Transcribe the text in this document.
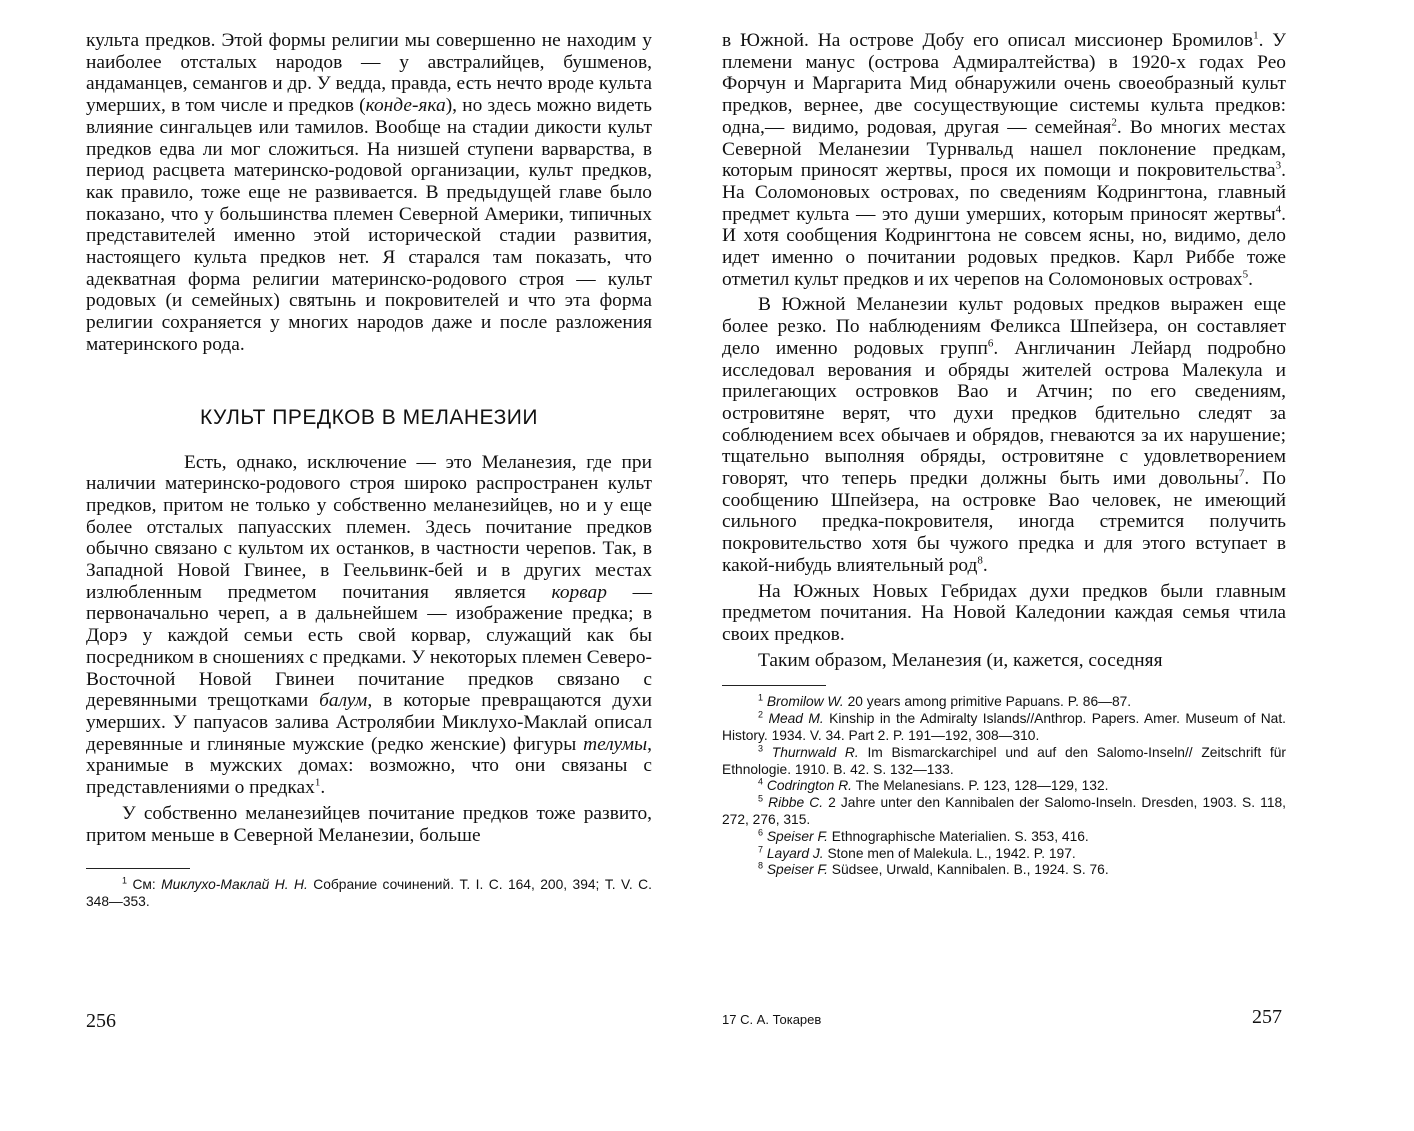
культа предков. Этой формы религии мы совершенно не находим у наиболее отсталых народов — у австралийцев, бушменов, андаманцев, семангов и др. У ведда, правда, есть нечто вроде культа умерших, в том числе и предков (конде-яка), но здесь можно видеть влияние сингальцев или тамилов. Вообще на стадии дикости культ предков едва ли мог сложиться. На низшей ступени варварства, в период расцвета материнско-родовой организации, культ предков, как правило, тоже еще не развивается. В предыдущей главе было показано, что у большинства племен Северной Америки, типичных представителей именно этой исторической стадии развития, настоящего культа предков нет. Я старался там показать, что адекватная форма религии материнско-родового строя — культ родовых (и семейных) святынь и покровителей и что эта форма религии сохраняется у многих народов даже и после разложения материнского рода.

КУЛЬТ ПРЕДКОВ В МЕЛАНЕЗИИ

Есть, однако, исключение — это Меланезия, где при наличии материнско-родового строя широко распространен культ предков, притом не только у собственно меланезийцев, но и у еще более отсталых папуасских племен. Здесь почитание предков обычно связано с культом их останков, в частности черепов. Так, в Западной Новой Гвинее, в Геельвинк-бей и в других местах излюбленным предметом почитания является корвар — первоначально череп, а в дальнейшем — изображение предка; в Дорэ у каждой семьи есть свой корвар, служащий как бы посредником в сношениях с предками. У некоторых племен Северо-Восточной Новой Гвинеи почитание предков связано с деревянными трещотками балум, в которые превращаются духи умерших. У папуасов залива Астролябии Миклухо-Маклай описал деревянные и глиняные мужские (редко женские) фигуры телумы, хранимые в мужских домах: возможно, что они связаны с представлениями о предках$^1$.

У собственно меланезийцев почитание предков тоже развито, притом меньше в Северной Меланезии, больше

$^1$ См: Миклухо-Маклай Н. Н. Собрание сочинений. Т. I. С. 164, 200, 394; Т. V. С. 348—353.

256

в Южной. На острове Добу его описал миссионер Бромилов$^1$. У племени манус (острова Адмиралтейства) в 1920-х годах Рео Форчун и Маргарита Мид обнаружили очень своеобразный культ предков, вернее, две сосуществующие системы культа предков: одна,— видимо, родовая, другая — семейная$^2$. Во многих местах Северной Меланезии Турнвальд нашел поклонение предкам, которым приносят жертвы, прося их помощи и покровительства$^3$. На Соломоновых островах, по сведениям Кодрингтона, главный предмет культа — это души умерших, которым приносят жертвы$^4$. И хотя сообщения Кодрингтона не совсем ясны, но, видимо, дело идет именно о почитании родовых предков. Карл Риббе тоже отметил культ предков и их черепов на Соломоновых островах$^5$.

В Южной Меланезии культ родовых предков выражен еще более резко. По наблюдениям Феликса Шпейзера, он составляет дело именно родовых групп$^6$. Англичанин Лейард подробно исследовал верования и обряды жителей острова Малекула и прилегающих островков Вао и Атчин; по его сведениям, островитяне верят, что духи предков бдительно следят за соблюдением всех обычаев и обрядов, гневаются за их нарушение; тщательно выполняя обряды, островитяне с удовлетворением говорят, что теперь предки должны быть ими довольны$^7$. По сообщению Шпейзера, на островке Вао человек, не имеющий сильного предка-покровителя, иногда стремится получить покровительство хотя бы чужого предка и для этого вступает в какой-нибудь влиятельный род$^8$.

На Южных Новых Гебридах духи предков были главным предметом почитания. На Новой Каледонии каждая семья чтила своих предков.

Таким образом, Меланезия (и, кажется, соседняя

$^1$ Bromilow W. 20 years among primitive Papuans. P. 86—87.

$^2$ Mead M. Kinship in the Admiralty Islands//Anthrop. Papers. Amer. Museum of Nat. History. 1934. V. 34. Part 2. P. 191—192, 308—310.

$^3$ Thurnwald R. Im Bismarckarchipel und auf den Salomo-Inseln// Zeitschrift für Ethnologie. 1910. B. 42. S. 132—133.

$^4$ Codrington R. The Melanesians. P. 123, 128—129, 132.

$^5$ Ribbe C. 2 Jahre unter den Kannibalen der Salomo-Inseln. Dresden, 1903. S. 118, 272, 276, 315.

$^6$ Speiser F. Ethnographische Materialien. S. 353, 416.

$^7$ Layard J. Stone men of Malekula. L., 1942. P. 197.

$^8$ Speiser F. Südsee, Urwald, Kannibalen. B., 1924. S. 76.

17 С. А. Токарев	257
